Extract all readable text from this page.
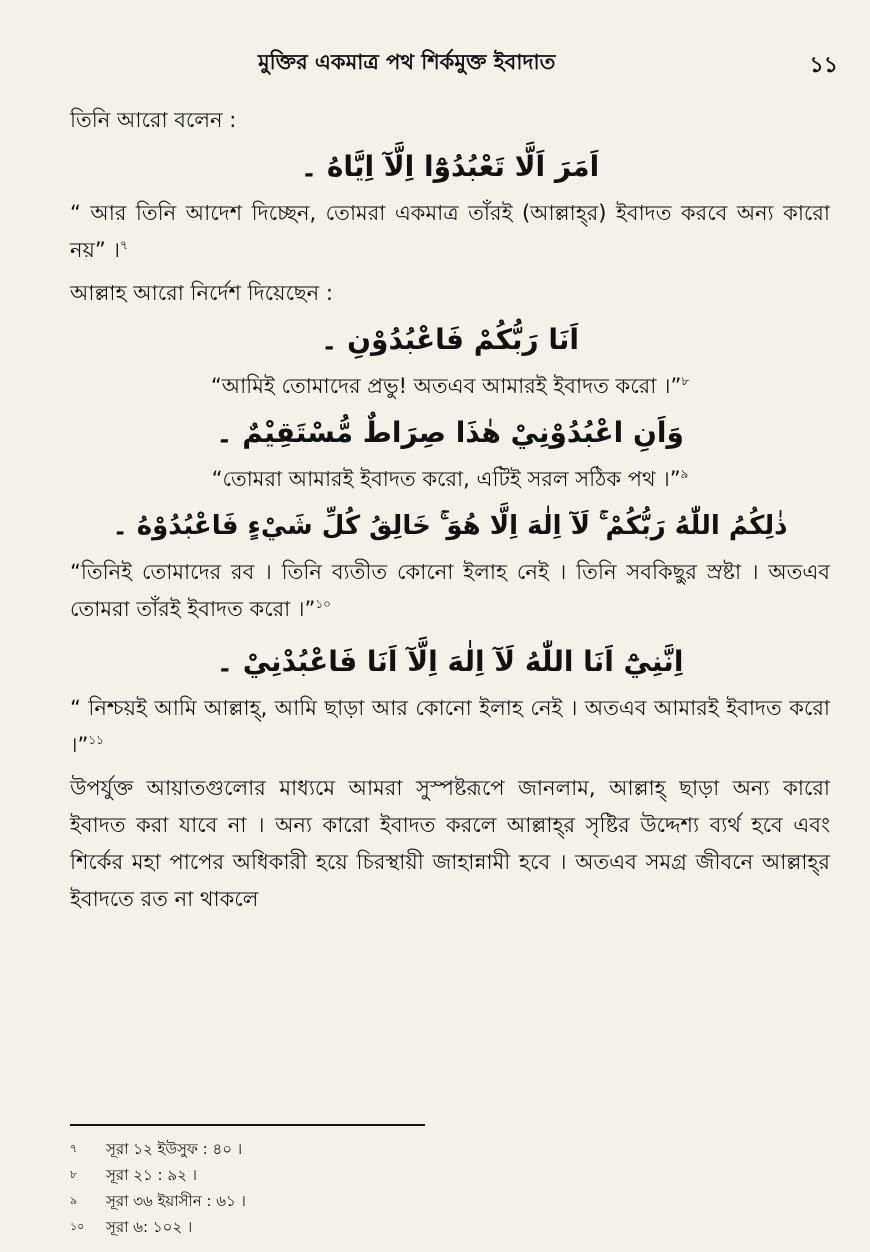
মুক্তির একমাত্র পথ শির্কমুক্ত ইবাদাত	১১

তিনি আরো বলেন :

اَمَرَ اَلَّا تَعْبُدُوْٓا اِلَّآ اِيَّاهُ ۔

“ আর তিনি আদেশ দিচ্ছেন, তোমরা একমাত্র তাঁরই (আল্লাহ্‌র) ইবাদত করবে অন্য কারো নয়” ।$^৭$

আল্লাহ আরো নির্দেশ দিয়েছেন :

اَنَا رَبُّكُمْ فَاعْبُدُوْنِ ۔

“আমিই তোমাদের প্রভু! অতএব আমারই ইবাদত করো ।”$^৮$

وَاَنِ اعْبُدُوْنِيْ هٰذَا صِرَاطٌ مُّسْتَقِيْمٌ ۔

“তোমরা আমারই ইবাদত করো, এটিই সরল সঠিক পথ ।”$^৯$

ذٰلِكُمُ اللّٰهُ رَبُّكُمْ ۚ لَآ اِلٰهَ اِلَّا هُوَ ۚ خَالِقُ كُلِّ شَيْءٍ فَاعْبُدُوْهُ ۔

“তিনিই তোমাদের রব । তিনি ব্যতীত কোনো ইলাহ নেই । তিনি সবকিছুর স্রষ্টা । অতএব তোমরা তাঁরই ইবাদত করো ।”$^{১০}$

اِنَّنِيْٓ اَنَا اللّٰهُ لَآ اِلٰهَ اِلَّآ اَنَا فَاعْبُدْنِيْ ۔

“ নিশ্চয়ই আমি আল্লাহ্‌, আমি ছাড়া আর কোনো ইলাহ নেই । অতএব আমারই ইবাদত করো ।”$^{১১}$

উপর্যুক্ত আয়াতগুলোর মাধ্যমে আমরা সুস্পষ্টরূপে জানলাম, আল্লাহ্‌ ছাড়া অন্য কারো ইবাদত করা যাবে না । অন্য কারো ইবাদত করলে আল্লাহ্‌র সৃষ্টির উদ্দেশ্য ব্যর্থ হবে এবং শির্কের মহা পাপের অধিকারী হয়ে চিরস্থায়ী জাহান্নামী হবে । অতএব সমগ্র জীবনে আল্লাহ্‌র ইবাদতে রত না থাকলে

৭ সূরা ১২ ইউসুফ : ৪০ ।
৮ সূরা ২১ : ৯২ ।
৯ সূরা ৩৬ ইয়াসীন : ৬১ ।
১০ সূরা ৬: ১০২ ।
